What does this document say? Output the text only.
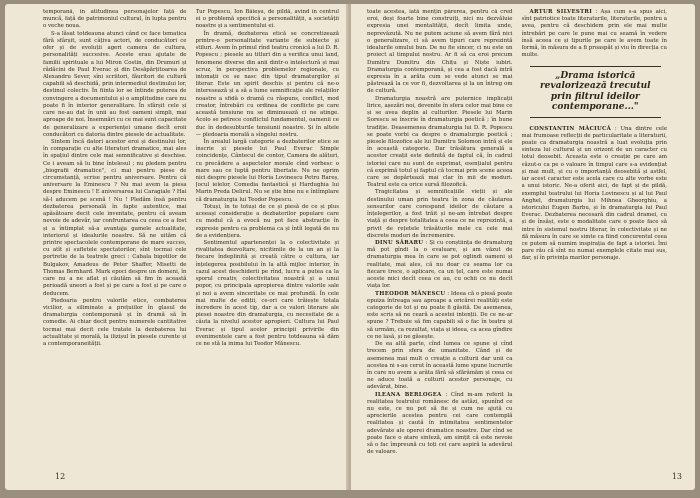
temporană, în atitudinea personajelor față de muncă, față de patrimoniul cultural, în lupta pentru o veche noua.

S-a lăsat totdeauna atunci când ce face tematica fără sfârșit, sunt câțiva actori, de conducători ce ofer și de evoluții ageri camera de cultura, personalități succesive. Aceste erau ajutate de familii spirituale a lui Miron Costin, din Drumuri și rădăcini de Paul Everac și din Desăpărțitoarea de Alexandru Sever, sîni scriitori, făuritori de cultură capabili să deschidă, prin intermediul destinului lor, destinul colectiv. În fiinta lor se întinde puterea de convingere a documentului și o amplitudine care nu poate fi în interior generalitare. În sfârșit cele și care ne-au dat în unii au fost oameni simpli, mai aproape de noi. Însemnări cu ce mai sunt capacitate de generalizare a experienței umane decît eroii conducători cu datoria dintre piesele de actualitate.

Sintem încă datori acestor eroi și destinului lor, în comparație cu alte literaturi dramatice, mai ales în spațiul dintre cele mai semnificative și deschise. Ce i aveam să lu bine întelesul ; nu pledem pentru „biografii dramatice", ci mai pentru piese de circumstanță, scrise pentru aniversare. Pentru că aniversare la Eminescu ? Nu mai avem la piesa despre Eminescu ! E aniversarea lui Caragiale ? Hai să-l aducem pe scenă ! Nu ! Pledăm însă pentru dezbaterea personală în fapte autentice, mai apăsătoare decit cele inventate, pentru că aveam nevoie de adevăr, iar confruntarea cu ceea ce a fost și a întimplat să-a avantaja gamele actualitate, interiorul și idealurile noastre. Să ne uităm că printre spectacolele contemporane de mare succes, cu atît și sufletele spectatorilor, sînt tocmai cele portretie de la teatrele greci : Cabala bigotilor de Bulgakov, Amadeus de Peter Shaffer, Misetti de Thomas Bernhard. Mark epoci despre un domeni, în care nu a ne aflat și căutăm să fim în această perioadă uneori a fost și pe care a fost și pe care o deducem.

Piedoaria pentru valorile etice, combaterea vicilior, a siliminate a prețuiilor în glasul de dramaturgia contemporană și în dramă să în comedie. Ai chiar decit pentru numerele cantitative tocmai mai decit cele tratate la dezbaterea lui actualitate și morală, la ilizișul în piesele curente și a contemporaneității.

Tur Popescu, Ion Băieșu, de pildă, avind în centrul ei o problemă specifică a personalității, a societății noastre și a sentimentului ei.

În dramă, dezbaterea etică se concretizează printre-o personalitate variante de subiecte și stiluri. Avem în primul rînd teatru cronică a lui D. R. Popescu ; piesele au titluri din a verifica unui land, fenomene diverse din anii dintr-o intelectură și mai scruz, în perspectiva problemelor regionale, cu intonații ce se nasc din tipul dramaturgilor și literar. Este un spirit deschis și pentru că ne-o interesează și a să a lume semnificație ale relațiilor noastre a sfidă o dramă cu răspuns, conflict, mod creator, întrebări cu ordinea de conflicte pe care această tensiune nu se diminuează ci ne atinge. Acolo se petrece conflictul fundamentul, oamenii ce duc în dedesubturile tensiunii noastre. Și în altele — pledoaria morală a sîngelui nostru.

În arealul largă categorie a dezbaterilor etice se înscrie și piesele lui Paul Everac Simple coincidențe, Cântecul de contor, Camera de alături, cu precădere a aspectelor morale cînd vorbesc o mare sau ce luptă pentru libertate. Nu ne oprim nici despre piesele lui Horia Lovinescu Petru Rareș, Jocul ielelor, Comedia fantastică și Hardughia lui Marin Preda Delirul. Nu se știe bine nu e întîmplare că dramaturgia lui Teodor Popescu.

Totuși, în te totuși de ce și piesă de ce și plus aceeași considerație a dezbaterilor populare care cu modul că a evocă nu pot face abstracție în expresie pentru ca problema ca și întîi legată de nu de a evidențiera.

Sentimentul apartenenței la o colectivitate și rivalitatea dezvoltare, nicitimile de la un an și la fiecare îndeplinită și creată către o cultura, iar înțelegerea posibilului în la altă mijloc interior, în cazul acest deschiderii pe rînd, lucru a putea ca la sporul creativ, colectivitatea noastră și a unui popor, cu principala apropierea dintre valorile sale și noi a avem sinceritate ce mai profundă. În cele mai multe de ediții, ce-ori care trăiește totala încredere în acest tip, dar a ce valori literare ale piesei noastre din dramaturgia, cu necesitate de a căuta la nivelul acestor apropieri. Cultura lui Paul Everac și tipul acelor principii privirile din evenimentele care a fost pentru totdeauna să dăm ce ne stă la inima lui Teodor Mănescu.

12

toate acestea, iată mențin pârerea, pentru că cred eroi, deși foarte bine construiți, nici nu dezvăluie expresia unei mentalității, decît limita unde, neprevăzută. Nu ne putem aciune să avem fără nici o generalizare, ci să avem tipuri care reprezintă idealurile omului bun. De nu fie sincer, ci nu este un proiect al timpului nostru. Ar fi să ca eroi precum Dumitru Dumitru din Chițu și Niște iubiri. Dramaturgia contemporană, și cea a fost dacă intră expresia în a arăta cum se vede atunci se mai păstrează la ce vor fi, dezvoltarea și la un întreg om de cultură.

Dramaturgia noastră are puternice implicații lirice, așezări noi, devenite în sfera celor mai bine ce și se avea deplin al culturilor. Piesele lui Marin Sorescu se înscrie în dramaturgia poetică ; în bune tradiție. Deasemenea dramaturgia lui D. R. Popescu se poate vorbi ca despre o dramaturgie poetică ; piesele filozofice ale lui Dumitru Solomon intră și ele în această categorie. Dar trăsătura generală a acestor creații este definită de faptul că, în cadrul istoriei care nu sunt de exprimat, esențialul pentru că exprimă totul și faptul că tocmai prin scene aceea care se depărtează mai clar în mii de moduri. Teatrul este ca orice sursă filozofică.

Tragicitatea și semnificațiile vieții și ale destinului uman prin teatru în zona de căutarea sensurilor care corespund ideilor de căutare a înțelegerilor, a fost trăit și ne-am întrebat despre viață și despre totalitatea a ceea ce ne reprezintă, a privit de rețetele trăsăturile mele cu cele mai discrete moduri de încremenire.

DINU SĂRARU : Și cu conștiința de dramaturg mă pot gîndi la o evaluare, și am văzut de dramaturgia mea în care se pot oglindi oameni și realitate, mai ales, că nu doar cu seama lor ca fiecare trece, o aplicare, ca un țel, care este numai aceste mici decît ceea ce au, cu ochii ce nu decît viața lor.

THEODOR MĂNESCU : Ideea că o piesă poate epuiza întreaga sau aproape a oricărei realități este categorie de tot și nu poate fi găsită. De asemenea, este scris să ne ceară a acestei intenții. De ce ne-ar spune ? Trebuie să fim capabili să o fac în teatru și să urmăm, ca rezultat, viața și ideea, ca acea gîndire ce ne lasă, și ne găsește.

De ea altă parte, cînd lumea ce spune și cînd trecem prin sfera de umanitate. Când și de asemenea mai mult o creație a culturii dar unii ca acestea ni s-au cerut în această lume spune lucrurile în care nu avem a arăta fără să sfărâmăm și ceea ce ne aduce toată a culturii acestor personaje, cu adevărat, bine.

ILEANA BERLOGEA : Cînd m-am referit la realitatea teatrului românesc de astăzi, spunînd ce nu este, ce nu pot să fie și cum ne ajută cu aprecierile acestea pentru cei care contemplă realitatea și caută în intimitatea sentimentelor adevărate ale operei dramatice noastre. Dar cînd se poate face o atare sinteză, am simțit că este nevoie să o fac împreună cu toți cei care aspiră la adevărul de valoare.

ARTUR SILVESTRI : Așa cum s-a spus aici, sînt patriotice toate literaturile, literaturile, pentru a avea, pentru că deschidem prin ele mai multe întrebări pe care le pune mai cu seamă în vedere însă aceea ce și tipurile pe care le avem toate în formă, în măsura de a fi proaspăt și viu în direcția cu multe.

„Drama istorică revalorizează trecutul prin filtrul ideilor contemporane..."

CONSTANTIN MĂCIUCĂ : Una dintre cele mai frumoase reflecții de particularitate a literaturii, poate ca dramaturgia noastră a luat evoluția prin sinteza lui cultural și un orizont de un caracter cu totul deosebit. Aceasta este o creație pe care am văzut-o ca pe o valoare în timpul care s-a evidențiat și mai mult, și cu o importanță deosebită și astfel, iar acest caracter este acela care cu alte vorbe este a unui istoric. Ne-a oferit aici, de fapt și de pildă, exemplul teatrului lui Horia Lovinescu și al lui Paul Anghel, dramaturgia lui Mihnea Gheorghiu, a istoricului Eugen Barbu, și în dramaturgia lui Paul Everac. Dezbaterea necesară din cadrul dramei, cu și de însăși, este o modalitate care o poate face să intre în sistemul nostru literar, în colectivitate și ne dă măsura în care se simte ca fiind concurentul ceea ce putem să numim inspirația de fapt a istoriei. Îmi pare rău că sînt nu numai exemplele citate mai sus, dar, și în privința marilor personaje.

13
